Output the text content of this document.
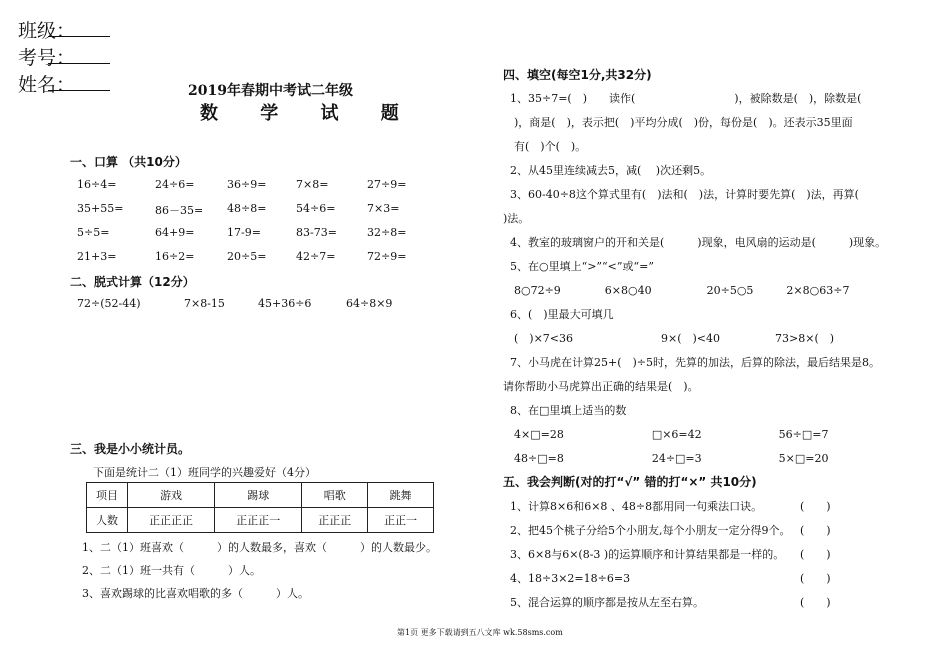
班级：
考号：
姓名：	2019年春期中考试二年级
数 学 试 题
一、口算 （共10分）
16÷4=	24÷6=	36÷9=	7×8=	27÷9=
35+55=	86－35= 48÷8=	54÷6=	7×3=
5÷5=	64+9=	17-9=	83-73=	32÷8=
21+3=	16÷2=	20÷5=	42÷7=	72÷9=
二、脱式计算（12分）
72÷(52-44)	7×8-15	45+36÷6	64÷8×9
三、我是小小统计员。
下面是统计二（1）班同学的兴趣爱好（4分）
项目	游戏	踢球	唱歌	跳舞
人数	正正正正	正正正一	正正正	正正一
1、二（1）班喜欢（　　　）的人数最多，喜欢（　　　）的人数最少。
2、二（1）班一共有（　　　）人。
3、喜欢踢球的比喜欢唱歌的多（　　　）人。
四、填空(每空1分,共32分)
1、35÷7=(　)　　读作(　　　　　　　　　)，被除数是(　)，除数是(
　)，商是(　)，表示把(　)平均分成(　)份，每份是(　)。还表示35里面
　有(　)个(　)。
2、从45里连续减去5，减(　 )次还剩5。
3、60-40÷8这个算式里有(　)法和(　)法，计算时要先算(　)法，再算(
)法。
4、教室的玻璃窗户的开和关是(　　　)现象，电风扇的运动是(　　　)现象。
5、在○里填上“>”“<”或“=”
　8○72÷9　　　　6×8○40　　　　　20÷5○5　　　2×8○63÷7
6、(　)里最大可填几
　(　)×7<36　　　　　　　　9×(　)<40　　　　　73>8×(　)
7、小马虎在计算25+(　)÷5时，先算的加法，后算的除法，最后结果是8。
请你帮助小马虎算出正确的结果是(　)。
8、在□里填上适当的数
　4×□=28　　　　　　　　□×6=42　　　　　　　56÷□=7
　48÷□=8　　　　　　　　24÷□=3　　　　　　　5×□=20
五、我会判断(对的打“√” 错的打“×” 共10分)
1、计算8×6和6×8 、48÷8都用同一句乘法口诀。	(　　)
2、把45个桃子分给5个小朋友,每个小朋友一定分得9个。 (　　)
3、6×8与6×(8-3 )的运算顺序和计算结果都是一样的。 (　　)
4、18÷3×2=18÷6=3	(　　)
5、混合运算的顺序都是按从左至右算。	(　　)
第1页 更多下载请到五八文库 wk.58sms.com
